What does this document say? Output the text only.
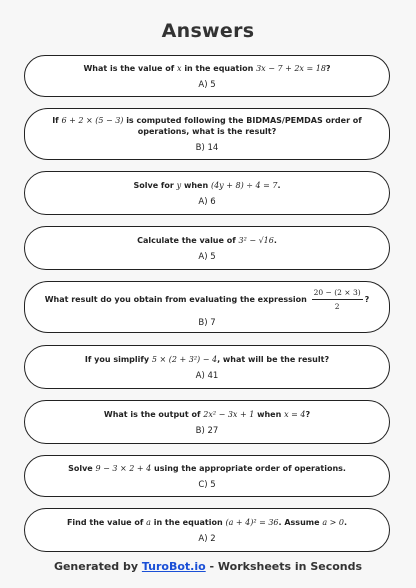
Answers
What is the value of x in the equation 3x − 7 + 2x = 18?
A) 5
If 6 + 2 × (5 − 3) is computed following the BIDMAS/PEMDAS order of operations, what is the result?
B) 14
Solve for y when (4y + 8) ÷ 4 = 7.
A) 6
Calculate the value of 3² − √16.
A) 5
What result do you obtain from evaluating the expression $\frac{20 - (2 \times 3)}{2}$ ?
B) 7
If you simplify 5 × (2 + 3²) − 4, what will be the result?
A) 41
What is the output of 2x² − 3x + 1 when x = 4?
B) 27
Solve 9 − 3 × 2 + 4 using the appropriate order of operations.
C) 5
Find the value of a in the equation (a + 4)² = 36. Assume a > 0.
A) 2
Generated by TuroBot.io - Worksheets in Seconds
